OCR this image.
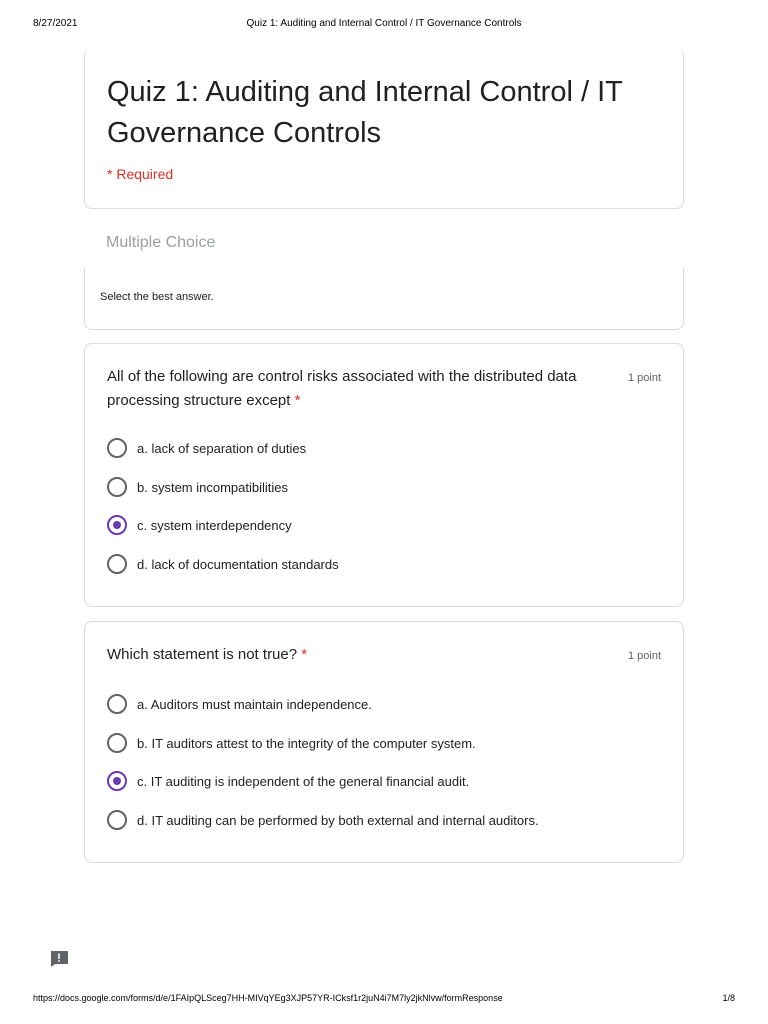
8/27/2021	Quiz 1: Auditing and Internal Control / IT Governance Controls
Quiz 1: Auditing and Internal Control / IT Governance Controls
* Required
Multiple Choice
Select the best answer.
All of the following are control risks associated with the distributed data processing structure except *
1 point
a. lack of separation of duties
b. system incompatibilities
c. system interdependency
d. lack of documentation standards
Which statement is not true? *	1 point
a. Auditors must maintain independence.
b. IT auditors attest to the integrity of the computer system.
c. IT auditing is independent of the general financial audit.
d. IT auditing can be performed by both external and internal auditors.
https://docs.google.com/forms/d/e/1FAIpQLSceg7HH-MIVqYEg3XJP57YR-ICksf1r2juN4i7M7ly2jkNlvw/formResponse	1/8
